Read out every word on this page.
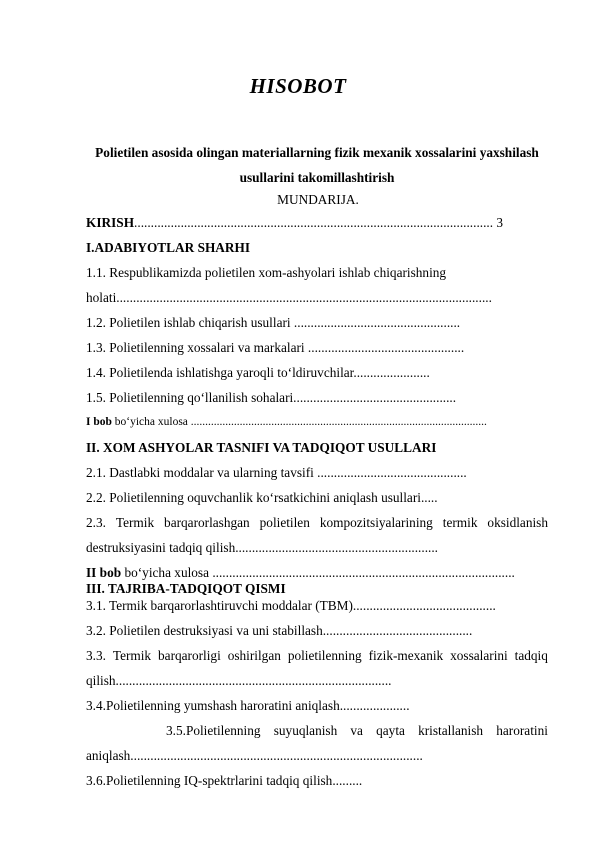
HISOBOT
Polietilen asosida olingan materiallarning fizik mexanik xossalarini yaxshilash
usullarini takomillashtirish
MUNDARIJA.
KIRISH............................................................................................................ 3
I.ADABIYOTLAR SHARHI
1.1. Respublikamizda polietilen xom-ashyolari ishlab chiqarishning
holati.................................................................................................................
1.2. Polietilen ishlab chiqarish usullari ..................................................
1.3. Polietilenning xossalari va markalari ...............................................
1.4. Polietilenda ishlatishga yaroqli to‘ldiruvchilar.......................
1.5. Polietilenning qo‘llanilish sohalari.................................................
I bob bo‘yicha xulosa .......................................................................................................
II. XOM ASHYOLAR TASNIFI VA TADQIQOT USULLARI
2.1. Dastlabki moddalar va ularning tavsifi .............................................
2.2. Polietilenning oquvchanlik ko‘rsatkichini aniqlash usullari.....
2.3. Termik barqarorlashgan polietilen kompozitsiyalarining termik oksidlanish
destruksiyasini tadqiq qilish.............................................................
II bob bo‘yicha xulosa ...........................................................................................
III. TAJRIBA-TADQIQOT QISMI
3.1. Termik barqarorlashtiruvchi moddalar (TBM)...........................................
3.2. Polietilen destruksiyasi va uni stabillash.............................................
3.3. Termik barqarorligi oshirilgan polietilenning fizik-mexanik xossalarini tadqiq
qilish...................................................................................
3.4.Polietilenning yumshash haroratini aniqlash.....................
3.5.Polietilenning suyuqlanish va qayta kristallanish haroratini
aniqlash........................................................................................
3.6.Polietilenning IQ-spektrlarini tadqiq qilish.........
